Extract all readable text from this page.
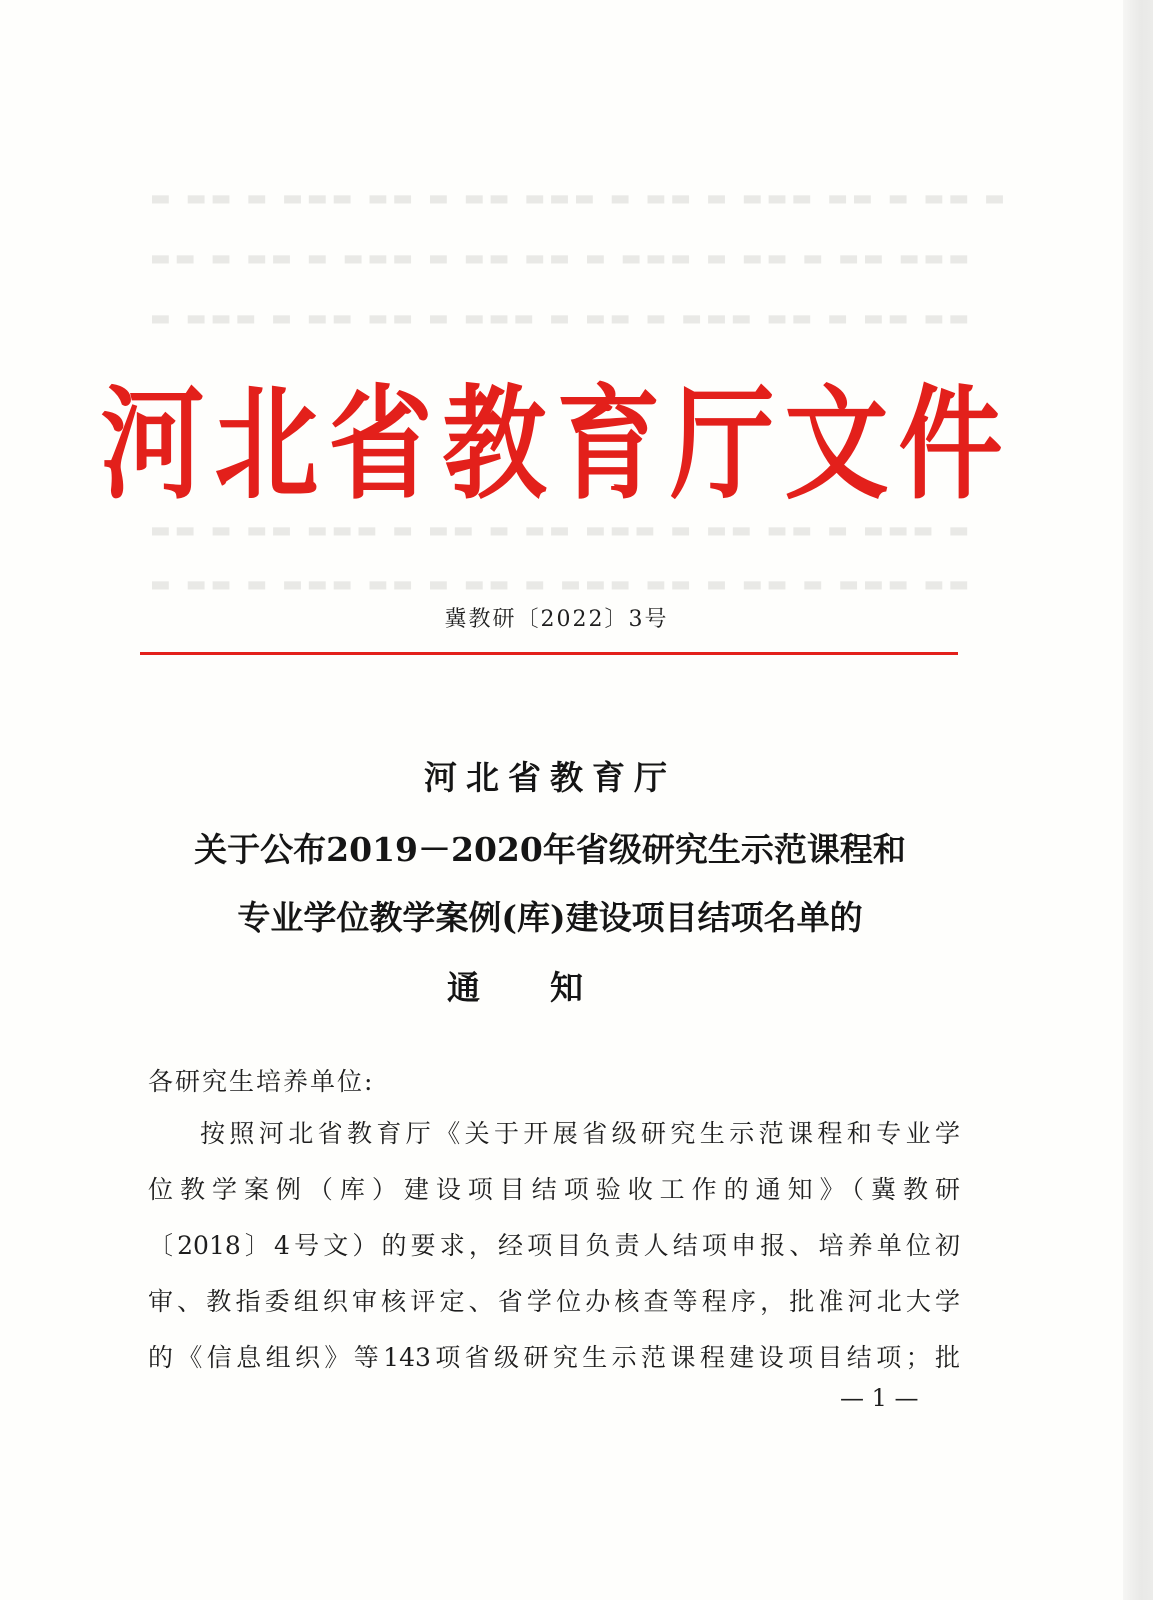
▬ ▬▬ ▬ ▬▬▬ ▬▬ ▬ ▬▬ ▬▬▬ ▬ ▬▬ ▬ ▬▬▬ ▬▬ ▬ ▬▬ ▬
▬▬ ▬ ▬▬ ▬ ▬▬▬ ▬ ▬▬ ▬▬ ▬ ▬▬▬ ▬ ▬▬ ▬ ▬▬ ▬▬▬
▬ ▬▬▬ ▬ ▬▬ ▬▬ ▬ ▬▬▬ ▬ ▬▬ ▬ ▬▬▬ ▬▬ ▬ ▬▬ ▬▬
▬▬ ▬ ▬▬ ▬▬▬ ▬ ▬▬ ▬ ▬▬ ▬▬▬ ▬ ▬▬ ▬▬ ▬ ▬▬▬ ▬
▬ ▬▬ ▬ ▬▬▬ ▬▬ ▬ ▬▬ ▬ ▬▬▬ ▬▬ ▬ ▬▬ ▬ ▬▬▬ ▬▬
河北省教育厅文件
冀教研〔2022〕3号
河北省教育厅
关于公布2019－2020年省级研究生示范课程和
专业学位教学案例(库)建设项目结项名单的
通知
各研究生培养单位:
按照河北省教育厅《关于开展省级研究生示范课程和专业学
位教学案例（库）建设项目结项验收工作的通知》（冀教研
〔2018〕4号文）的要求，经项目负责人结项申报、培养单位初
审、教指委组织审核评定、省学位办核查等程序，批准河北大学
的《信息组织》等143项省级研究生示范课程建设项目结项；批
— 1 —
